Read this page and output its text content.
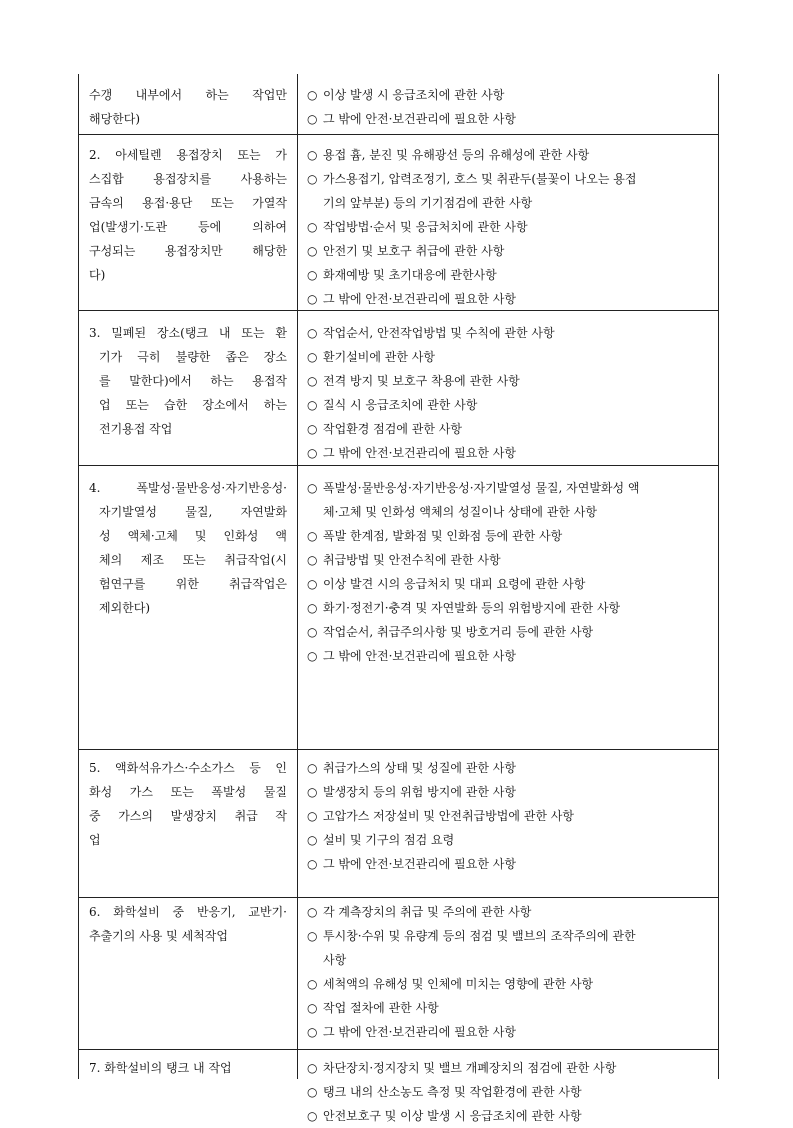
수갱 내부에서 하는 작업만
해당한다)
○ 이상 발생 시 응급조치에 관한 사항
○ 그 밖에 안전·보건관리에 필요한 사항
2. 아세틸렌 용접장치 또는 가
스집합 용접장치를 사용하는
금속의 용접·용단 또는 가열작
업(발생기·도관 등에 의하여
구성되는 용접장치만 해당한
다)
○ 용접 흄, 분진 및 유해광선 등의 유해성에 관한 사항
○ 가스용접기, 압력조정기, 호스 및 취관두(불꽃이 나오는 용접
기의 앞부분) 등의 기기점검에 관한 사항
○ 작업방법·순서 및 응급처치에 관한 사항
○ 안전기 및 보호구 취급에 관한 사항
○ 화재예방 및 초기대응에 관한사항
○ 그 밖에 안전·보건관리에 필요한 사항
3. 밀폐된 장소(탱크 내 또는 환
기가 극히 불량한 좁은 장소
를 말한다)에서 하는 용접작
업 또는 습한 장소에서 하는
전기용접 작업
○ 작업순서, 안전작업방법 및 수칙에 관한 사항
○ 환기설비에 관한 사항
○ 전격 방지 및 보호구 착용에 관한 사항
○ 질식 시 응급조치에 관한 사항
○ 작업환경 점검에 관한 사항
○ 그 밖에 안전·보건관리에 필요한 사항
4. 폭발성·물반응성·자기반응성·
자기발열성 물질, 자연발화
성 액체·고체 및 인화성 액
체의 제조 또는 취급작업(시
험연구를 위한 취급작업은
제외한다)
○ 폭발성·물반응성·자기반응성·자기발열성 물질, 자연발화성 액
체·고체 및 인화성 액체의 성질이나 상태에 관한 사항
○ 폭발 한계점, 발화점 및 인화점 등에 관한 사항
○ 취급방법 및 안전수칙에 관한 사항
○ 이상 발견 시의 응급처치 및 대피 요령에 관한 사항
○ 화기·정전기·충격 및 자연발화 등의 위험방지에 관한 사항
○ 작업순서, 취급주의사항 및 방호거리 등에 관한 사항
○ 그 밖에 안전·보건관리에 필요한 사항
5. 액화석유가스·수소가스 등 인
화성 가스 또는 폭발성 물질
중 가스의 발생장치 취급 작
업
○ 취급가스의 상태 및 성질에 관한 사항
○ 발생장치 등의 위험 방지에 관한 사항
○ 고압가스 저장설비 및 안전취급방법에 관한 사항
○ 설비 및 기구의 점검 요령
○ 그 밖에 안전·보건관리에 필요한 사항
6. 화학설비 중 반응기, 교반기·
추출기의 사용 및 세척작업
○ 각 계측장치의 취급 및 주의에 관한 사항
○ 투시창·수위 및 유량계 등의 점검 및 밸브의 조작주의에 관한
사항
○ 세척액의 유해성 및 인체에 미치는 영향에 관한 사항
○ 작업 절차에 관한 사항
○ 그 밖에 안전·보건관리에 필요한 사항
7. 화학설비의 탱크 내 작업	○ 차단장치·정지장치 및 밸브 개폐장치의 점검에 관한 사항
○ 탱크 내의 산소농도 측정 및 작업환경에 관한 사항
○ 안전보호구 및 이상 발생 시 응급조치에 관한 사항
